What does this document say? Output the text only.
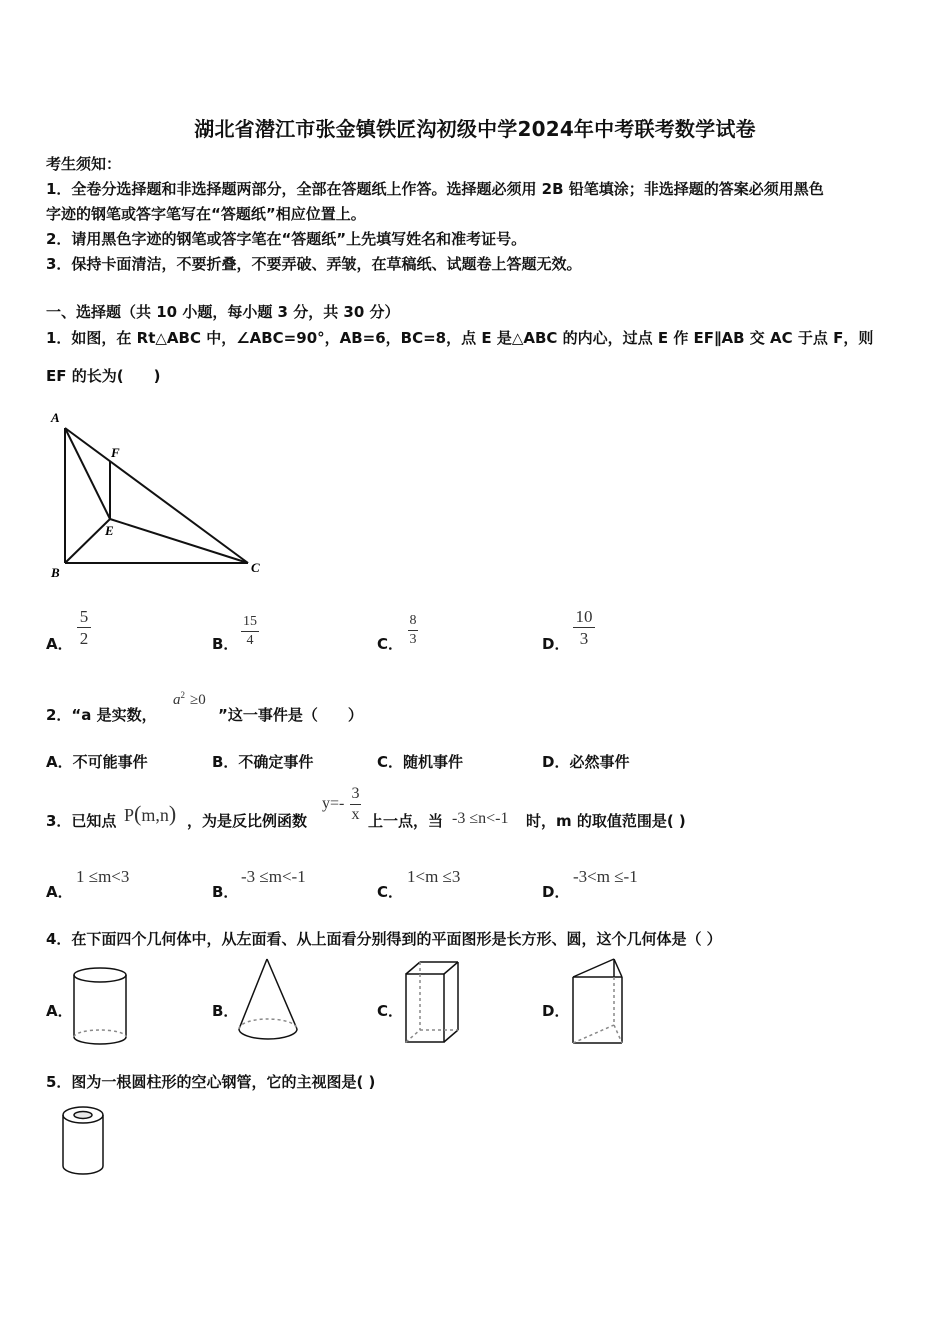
湖北省潜江市张金镇铁匠沟初级中学2024年中考联考数学试卷
考生须知：
1．全卷分选择题和非选择题两部分，全部在答题纸上作答。选择题必须用 2B 铅笔填涂；非选择题的答案必须用黑色
字迹的钢笔或答字笔写在“答题纸”相应位置上。
2．请用黑色字迹的钢笔或答字笔在“答题纸”上先填写姓名和准考证号。
3．保持卡面清洁，不要折叠，不要弄破、弄皱，在草稿纸、试题卷上答题无效。
一、选择题（共 10 小题，每小题 3 分，共 30 分）
1．如图，在 Rt△ABC 中，∠ABC=90°，AB=6，BC=8，点 E 是△ABC 的内心，过点 E 作 EF∥AB 交 AC 于点 F，则
EF 的长为(　　)
A
B	C
E
F
A．
5
2	B．
15
4	C．
8
3	D．
10
3
2．“a 是实数，
$a^2 \ge 0$
”这一事件是（　　）
A．不可能事件	B．不确定事件	C．随机事件	D．必然事件
3．已知点 P(m,n) ，为是反比例函数
y=-
3
x 上一点，当 -3 ≤n<-1 时，m 的取值范围是( )
A．
1 ≤m<3
B．
-3 ≤m<-1
C．
1<m ≤3
D．
-3<m ≤-1
4．在下面四个几何体中，从左面看、从上面看分别得到的平面图形是长方形、圆，这个几何体是（ ）
A．	B．	C．	D．
5．图为一根圆柱形的空心钢管，它的主视图是( )
